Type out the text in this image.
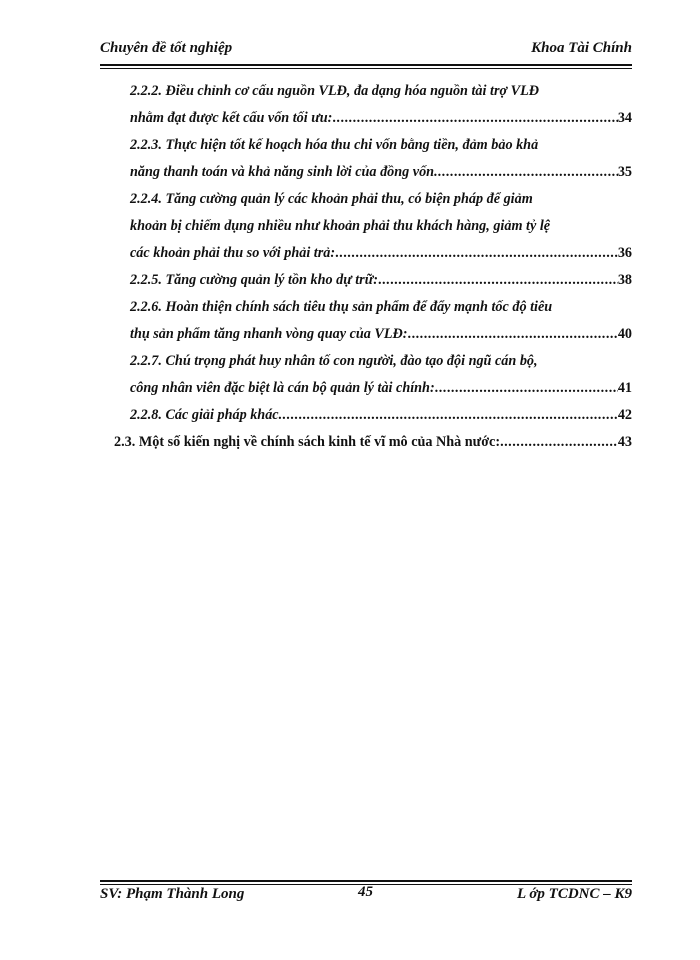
Chuyên đề tốt nghiệp	Khoa Tài Chính
2.2.2. Điều chỉnh cơ cấu nguồn VLĐ, đa dạng hóa nguồn tài trợ VLĐ
nhằm đạt được kết cấu vốn tối ưu: .....	34
2.2.3. Thực hiện tốt kế hoạch hóa thu chi vốn bằng tiền, đảm bảo khả
năng thanh toán và khả năng sinh lời của đồng vốn. .....	35
2.2.4. Tăng cường quản lý các khoản phải thu, có biện pháp để giảm
khoản bị chiếm dụng nhiều như khoản phải thu khách hàng, giảm tỷ lệ
các khoản phải thu so với phải trả: .....	36
2.2.5. Tăng cường quản lý tồn kho dự trữ: .....	38
2.2.6. Hoàn thiện chính sách tiêu thụ sản phẩm để đẩy mạnh tốc độ tiêu
thụ sản phẩm tăng nhanh vòng quay của VLĐ: .....	40
2.2.7. Chú trọng phát huy nhân tố con người, đào tạo đội ngũ cán bộ,
công nhân viên đặc biệt là cán bộ quản lý tài chính: .....	41
2.2.8. Các giải pháp khác. .....	42
2.3. Một số kiến nghị về chính sách kinh tế vĩ mô của Nhà nước: .....	43
SV: Phạm Thành Long	45	L ớp TCDNC – K9
